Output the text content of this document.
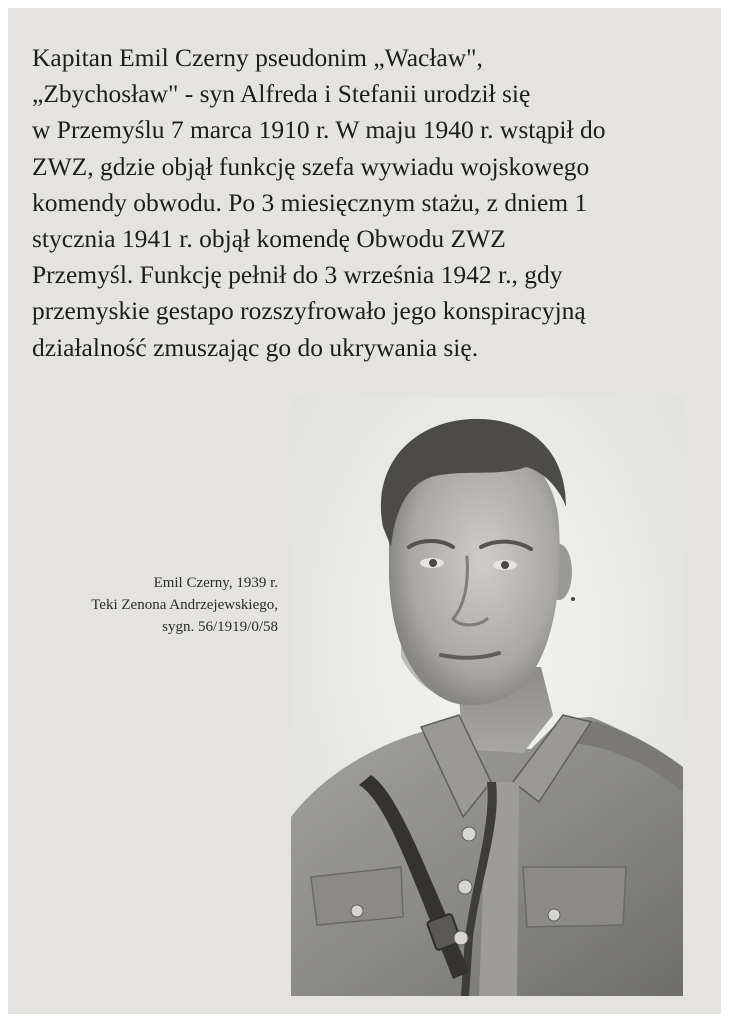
Kapitan Emil Czerny pseudonim „Wacław",
„Zbychosław" - syn Alfreda i Stefanii urodził się
w Przemyślu 7 marca 1910 r. W maju 1940 r. wstąpił do
ZWZ, gdzie objął funkcję szefa wywiadu wojskowego
komendy obwodu. Po 3 miesięcznym stażu, z dniem 1
stycznia 1941 r. objął komendę Obwodu ZWZ
Przemyśl. Funkcję pełnił do 3 września 1942 r., gdy
przemyskie gestapo rozszyfrowało jego konspiracyjną
działalność zmuszając go do ukrywania się.

Emil Czerny, 1939 r.
Teki Zenona Andrzejewskiego,
sygn. 56/1919/0/58
